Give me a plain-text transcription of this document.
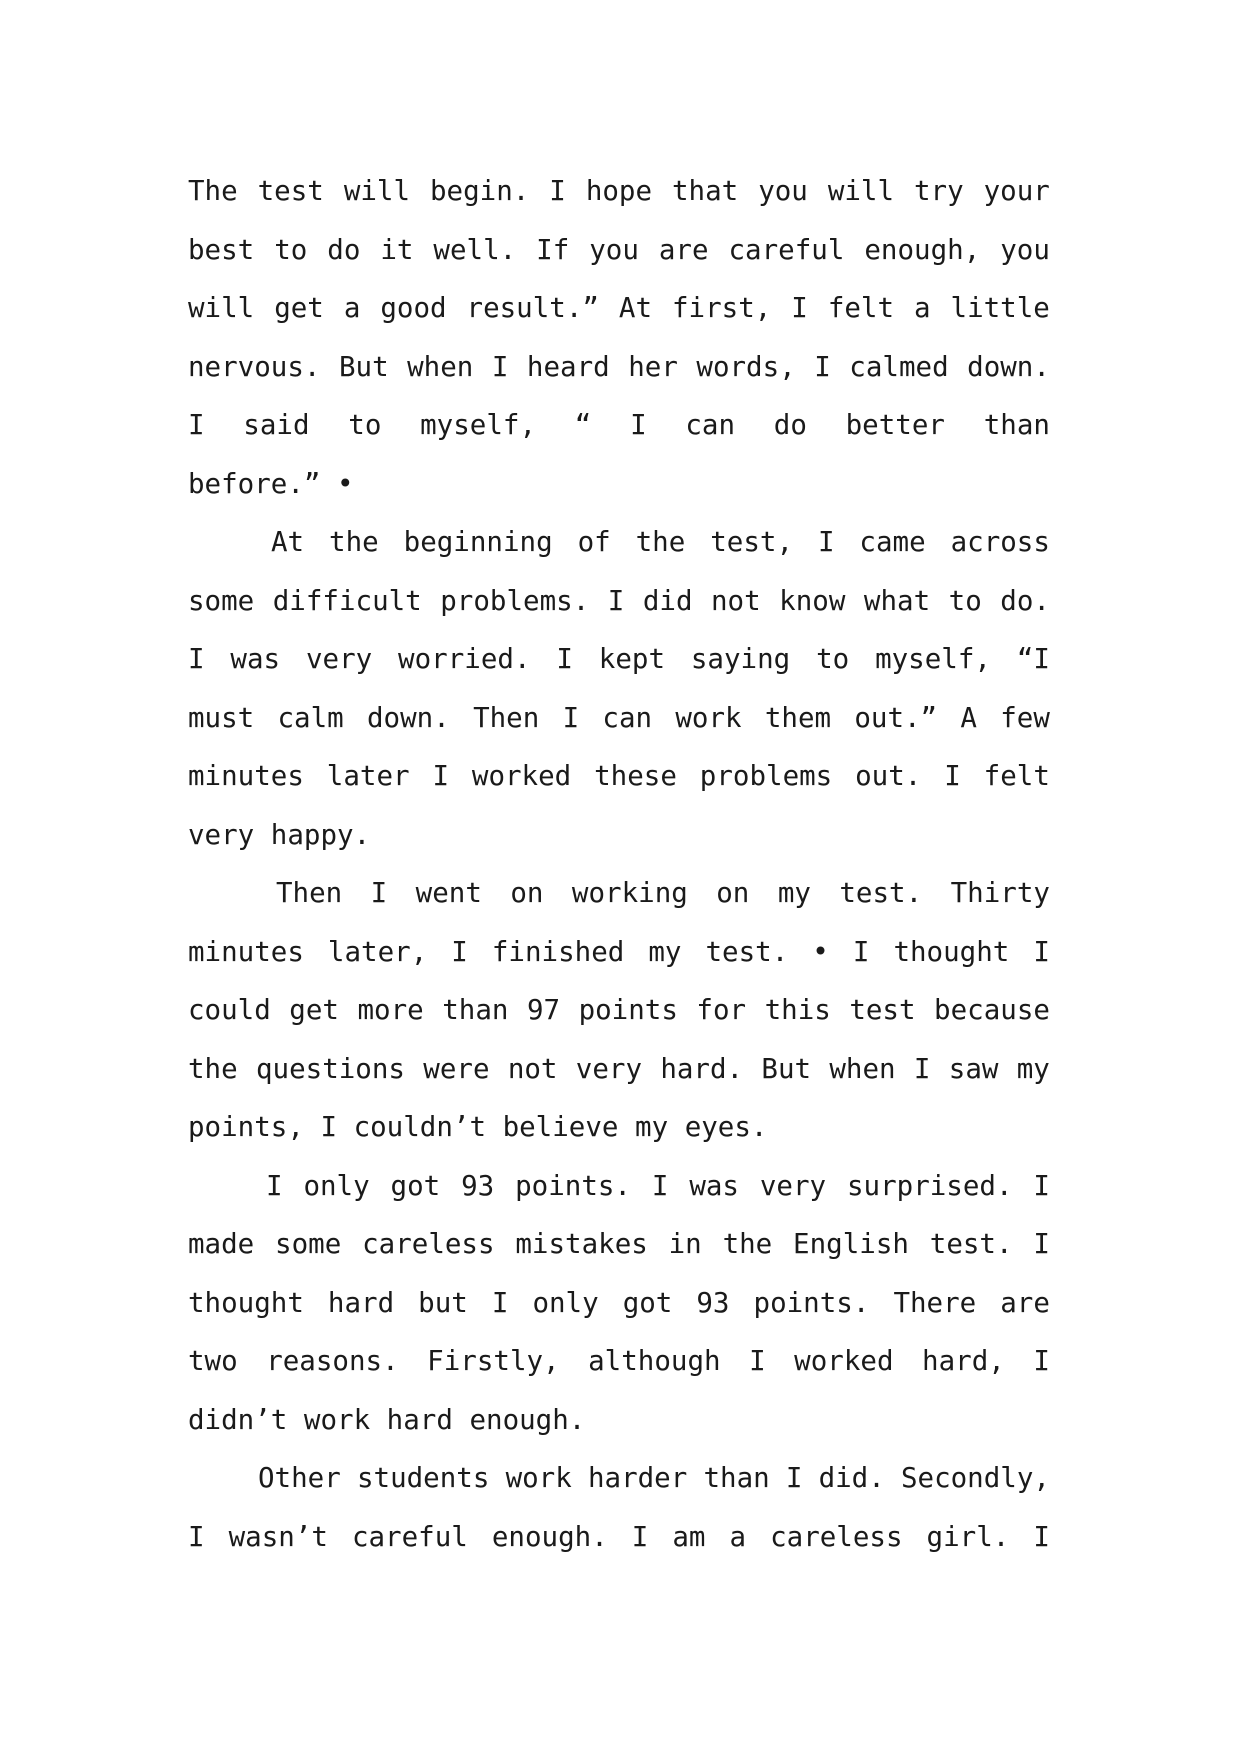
The test will begin. I hope that you will try your
best to do it well. If you are careful enough, you
will get a good result.” At first, I felt a little
nervous. But when I heard her words, I calmed down.
I said to myself, “ I can do better than
before.” •
At the beginning of the test, I came across
some difficult problems. I did not know what to do.
I was very worried. I kept saying to myself, “I
must calm down. Then I can work them out.” A few
minutes later I worked these problems out. I felt
very happy.
Then I went on working on my test. Thirty
minutes later, I finished my test. • I thought I
could get more than 97 points for this test because
the questions were not very hard. But when I saw my
points, I couldn’t believe my eyes.
I only got 93 points. I was very surprised. I
made some careless mistakes in the English test. I
thought hard but I only got 93 points. There are
two reasons. Firstly, although I worked hard, I
didn’t work hard enough.
Other students work harder than I did. Secondly,
I wasn’t careful enough. I am a careless girl. I
